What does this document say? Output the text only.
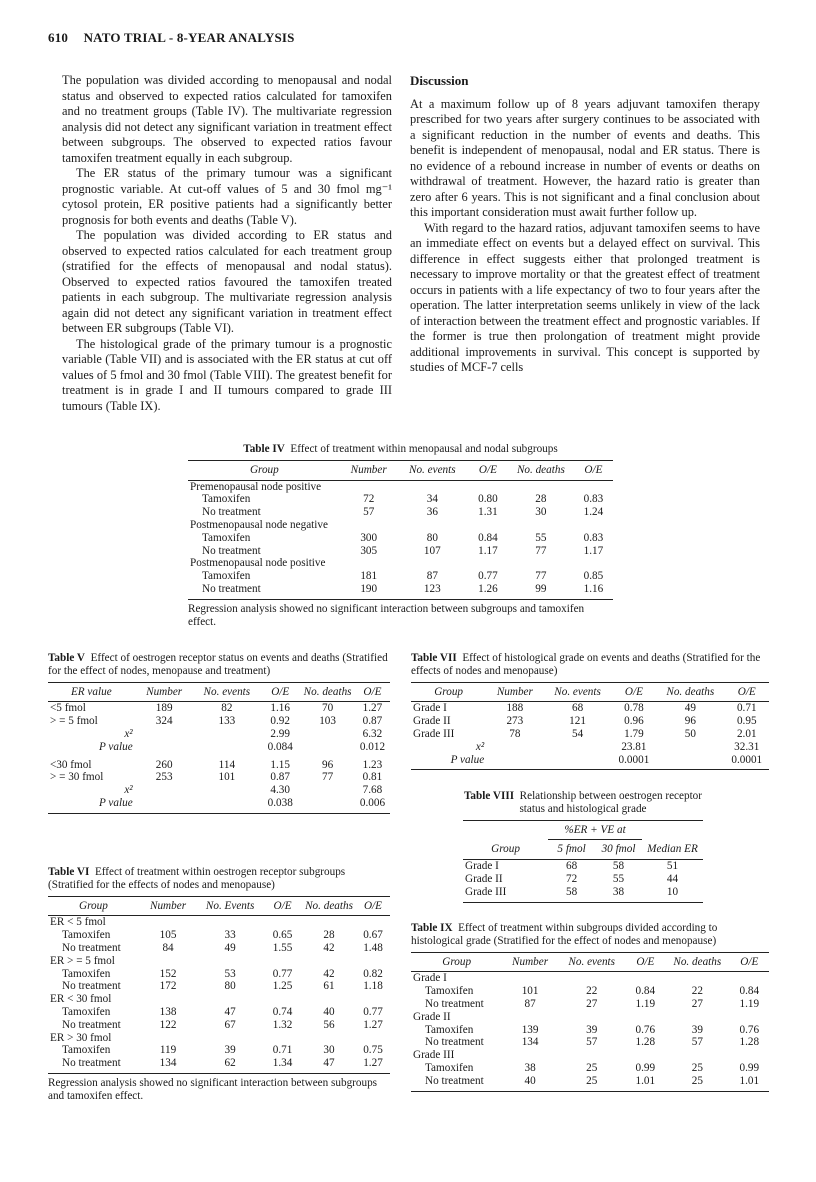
610 NATO TRIAL - 8-YEAR ANALYSIS

The population was divided according to menopausal and nodal status and observed to expected ratios calculated for tamoxifen and no treatment groups (Table IV). The multivariate regression analysis did not detect any significant variation in treatment effect between subgroups. The observed to expected ratios favour tamoxifen treatment equally in each subgroup.

The ER status of the primary tumour was a significant prognostic variable. At cut-off values of 5 and 30 fmol mg⁻¹ cytosol protein, ER positive patients had a significantly better prognosis for both events and deaths (Table V).

The population was divided according to ER status and observed to expected ratios calculated for each treatment group (stratified for the effects of menopausal and nodal status). Observed to expected ratios favoured the tamoxifen treated patients in each subgroup. The multivariate regression analysis again did not detect any significant variation in treatment effect between ER subgroups (Table VI).

The histological grade of the primary tumour is a prognostic variable (Table VII) and is associated with the ER status at cut off values of 5 fmol and 30 fmol (Table VIII). The greatest benefit for treatment is in grade I and II tumours compared to grade III tumours (Table IX).

Discussion

At a maximum follow up of 8 years adjuvant tamoxifen therapy prescribed for two years after surgery continues to be associated with a significant reduction in the number of events and deaths. This benefit is independent of menopausal, nodal and ER status. There is no evidence of a rebound increase in number of events or deaths on withdrawal of treatment. However, the hazard ratio is greater than zero after 6 years. This is not significant and a final conclusion about this important consideration must await further follow up.

With regard to the hazard ratios, adjuvant tamoxifen seems to have an immediate effect on events but a delayed effect on survival. This difference in effect suggests either that prolonged treatment is necessary to improve mortality or that the greatest effect of treatment occurs in patients with a life expectancy of two to four years after the operation. The latter interpretation seems unlikely in view of the lack of interaction between the treatment effect and prognostic variables. If the former is true then prolongation of treatment might provide additional improvements in survival. This concept is supported by studies of MCF-7 cells

Table IV Effect of treatment within menopausal and nodal subgroups
Group	Number	No. events	O/E	No. deaths	O/E
Premenopausal node positive					
Tamoxifen	72	34	0.80	28	0.83
No treatment	57	36	1.31	30	1.24
Postmenopausal node negative					
Tamoxifen	300	80	0.84	55	0.83
No treatment	305	107	1.17	77	1.17
Postmenopausal node positive					
Tamoxifen	181	87	0.77	77	0.85
No treatment	190	123	1.26	99	1.16
Regression analysis showed no significant interaction between subgroups and tamoxifen effect.
Table V Effect of oestrogen receptor status on events and deaths (Stratified for the effect of nodes, menopause and treatment)
ER value	Number	No. events	O/E	No. deaths	O/E
<5 fmol	189	82	1.16	70	1.27
> = 5 fmol	324	133	0.92	103	0.87
x²			2.99		6.32
P value			0.084		0.012
<30 fmol	260	114	1.15	96	1.23
> = 30 fmol	253	101	0.87	77	0.81
x²			4.30		7.68
P value			0.038		0.006
Table VI Effect of treatment within oestrogen receptor subgroups (Stratified for the effects of nodes and menopause)
Group	Number	No. Events	O/E	No. deaths	O/E
ER < 5 fmol					
Tamoxifen	105	33	0.65	28	0.67
No treatment	84	49	1.55	42	1.48
ER > = 5 fmol					
Tamoxifen	152	53	0.77	42	0.82
No treatment	172	80	1.25	61	1.18
ER < 30 fmol					
Tamoxifen	138	47	0.74	40	0.77
No treatment	122	67	1.32	56	1.27
ER > 30 fmol					
Tamoxifen	119	39	0.71	30	0.75
No treatment	134	62	1.34	47	1.27
Regression analysis showed no significant interaction between subgroups and tamoxifen effect.
Table VII Effect of histological grade on events and deaths (Stratified for the effects of nodes and menopause)
Group	Number	No. events	O/E	No. deaths	O/E
Grade I	188	68	0.78	49	0.71
Grade II	273	121	0.96	96	0.95
Grade III	78	54	1.79	50	2.01
x²			23.81		32.31
P value			0.0001		0.0001
Table VIII Relationship between oestrogen receptor status and histological grade
	%ER + VE at		
Group	5 fmol	30 fmol	Median ER
Grade I	68	58	51
Grade II	72	55	44
Grade III	58	38	10
Table IX Effect of treatment within subgroups divided according to histological grade (Stratified for the effect of nodes and menopause)
Group	Number	No. events	O/E	No. deaths	O/E
Grade I					
Tamoxifen	101	22	0.84	22	0.84
No treatment	87	27	1.19	27	1.19
Grade II					
Tamoxifen	139	39	0.76	39	0.76
No treatment	134	57	1.28	57	1.28
Grade III					
Tamoxifen	38	25	0.99	25	0.99
No treatment	40	25	1.01	25	1.01
